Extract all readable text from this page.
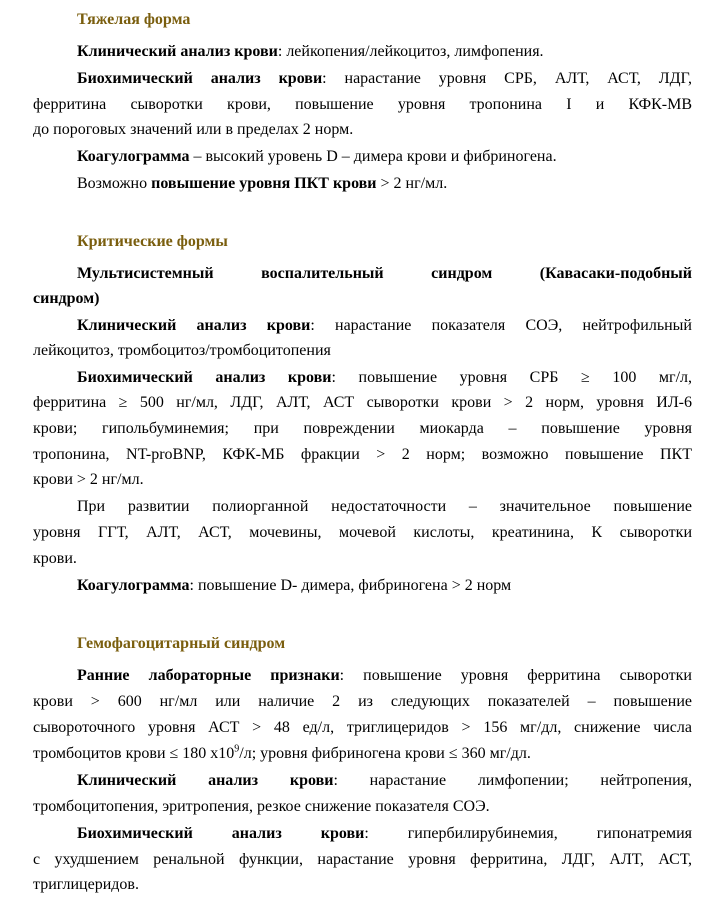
Тяжелая форма
Клинический анализ крови: лейкопения/лейкоцитоз, лимфопения.
Биохимический анализ крови: нарастание уровня СРБ, АЛТ, АСТ, ЛДГ,
ферритина сыворотки крови, повышение уровня тропонина I и КФК-МВ
до пороговых значений или в пределах 2 норм.
Коагулограмма – высокий уровень D – димера крови и фибриногена.
Возможно повышение уровня ПКТ крови > 2 нг/мл.
Критические формы
Мультисистемный воспалительный синдром (Кавасаки-подобный
синдром)
Клинический анализ крови: нарастание показателя СОЭ, нейтрофильный
лейкоцитоз, тромбоцитоз/тромбоцитопения
Биохимический анализ крови: повышение уровня СРБ ≥ 100 мг/л,
ферритина ≥ 500 нг/мл, ЛДГ, АЛТ, АСТ сыворотки крови > 2 норм, уровня ИЛ-6
крови; гипольбуминемия; при повреждении миокарда – повышение уровня
тропонина, NT-proBNP, КФК-МБ фракции > 2 норм; возможно повышение ПКТ
крови > 2 нг/мл.
При развитии полиорганной недостаточности – значительное повышение
уровня ГГТ, АЛТ, АСТ, мочевины, мочевой кислоты, креатинина, К сыворотки
крови.
Коагулограмма: повышение D- димера, фибриногена > 2 норм
Гемофагоцитарный синдром
Ранние лабораторные признаки: повышение уровня ферритина сыворотки
крови > 600 нг/мл или наличие 2 из следующих показателей – повышение
сывороточного уровня АСТ > 48 ед/л, триглицеридов > 156 мг/дл, снижение числа
тромбоцитов крови ≤ 180 $х10^9/л$; уровня фибриногена крови ≤ 360 мг/дл.
Клинический анализ крови: нарастание лимфопении; нейтропения,
тромбоцитопения, эритропения, резкое снижение показателя СОЭ.
Биохимический анализ крови: гипербилирубинемия, гипонатремия
с ухудшением ренальной функции, нарастание уровня ферритина, ЛДГ, АЛТ, АСТ,
триглицеридов.
